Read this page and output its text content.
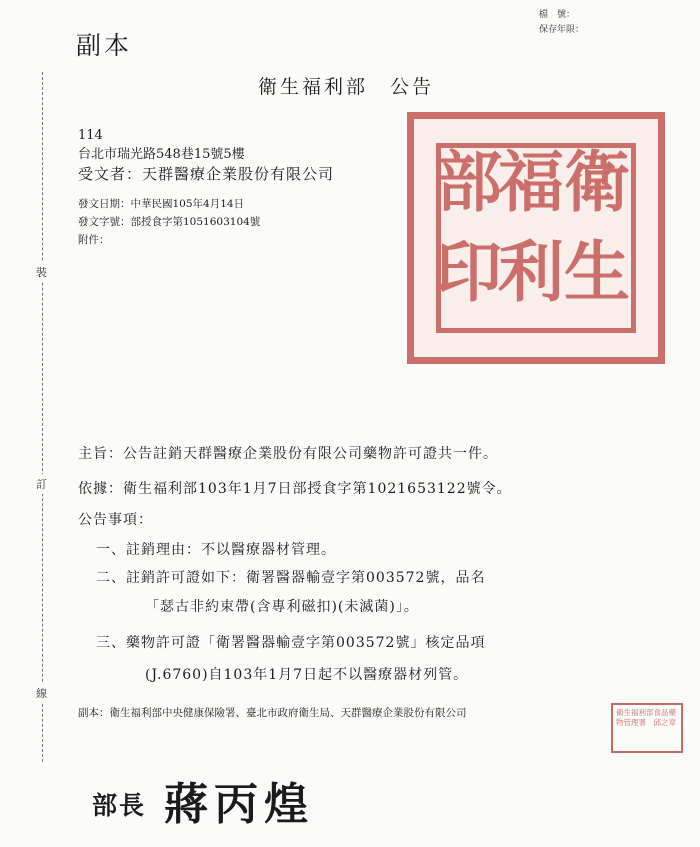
副本
檔　號：
保存年限：
裝
訂
線
衛生福利部　公告
114
台北市瑞光路548巷15號5樓
受文者：天群醫療企業股份有限公司
發文日期：中華民國105年4月14日
發文字號：部授食字第1051603104號
附件：
衛
生
福
利
部
印
主旨：公告註銷天群醫療企業股份有限公司藥物許可證共一件。
依據：衛生福利部103年1月7日部授食字第1021653122號令。
公告事項：
一、註銷理由：不以醫療器材管理。
二、註銷許可證如下：衛署醫器輸壹字第003572號，品名
「瑟古非約束帶(含專利磁扣)(未滅菌)」。
三、藥物許可證「衛署醫器輸壹字第003572號」核定品項
(J.6760)自103年1月7日起不以醫療器材列管。
副本：衛生福利部中央健康保險署、臺北市政府衛生局、天群醫療企業股份有限公司	衛生福利部食品藥物管理署　邱之章
部長 蔣丙煌
